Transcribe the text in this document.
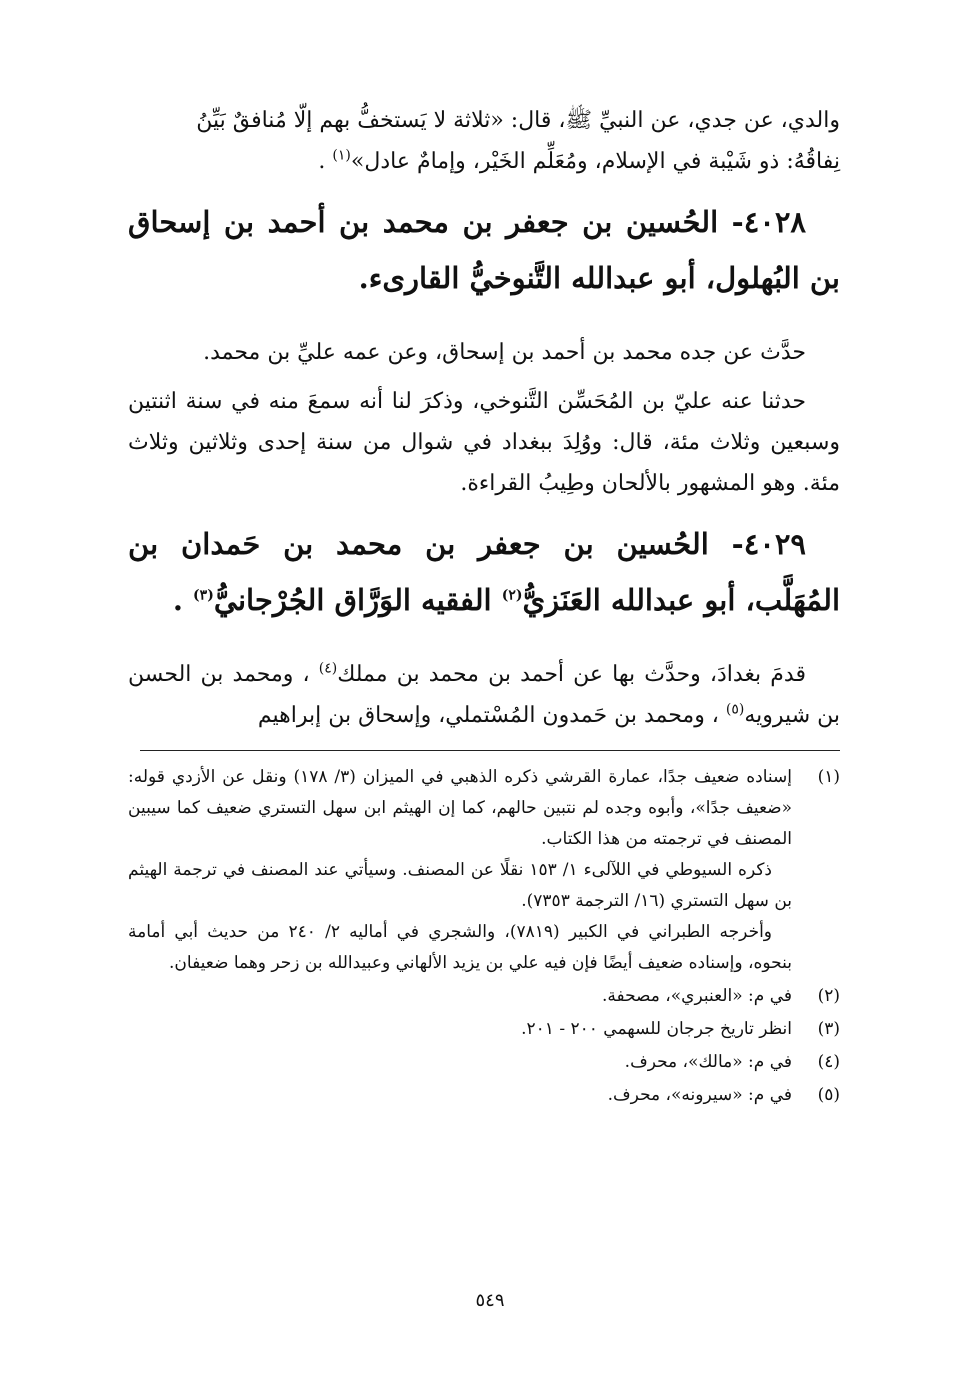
والدي، عن جدي، عن النبيِّ ﷺ، قال: «ثلاثة لا يَستخفُّ بهم إلّا مُنافقٌ بَيِّنُ
نِفاقُهُ: ذو شَيْبة في الإسلام، ومُعَلِّم الخَيْر، وإمامٌ عادل»$^{(١)}$ .

٤٠٢٨- الحُسين بن جعفر بن محمد بن أحمد بن إسحاق بن البُهلول، أبو عبدالله التَّنوخيُّ القارىء.

حدَّث عن جده محمد بن أحمد بن إسحاق، وعن عمه عليِّ بن محمد.

حدثنا عنه عليّ بن المُحَسِّن التَّنوخي، وذكرَ لنا أنه سمعَ منه في سنة اثنتين وسبعين وثلاث مئة، قال: ووُلِدَ ببغداد في شوال من سنة إحدى وثلاثين وثلاث مئة. وهو المشهور بالألحان وطِيبُ القراءة.

٤٠٢٩- الحُسين بن جعفر بن محمد بن حَمدان بن المُهَلَّب، أبو عبدالله العَنَزيُّ$^{(٢)}$ الفقيه الوَرَّاق الجُرْجانيُّ$^{(٣)}$ .

قدمَ بغدادَ، وحدَّث بها عن أحمد بن محمد بن مملك$^{(٤)}$ ، ومحمد بن الحسن بن شيرويه$^{(٥)}$ ، ومحمد بن حَمدون المُسْتملي، وإسحاق بن إبراهيم

(١)

إسناده ضعيف جدًا، عمارة القرشي ذكره الذهبي في الميزان (٣/ ١٧٨) ونقل عن الأزدي قوله: «ضعيف جدًا»، وأبوه وجده لم نتبين حالهم، كما إن الهيثم ابن سهل التستري ضعيف كما سيبين المصنف في ترجمته من هذا الكتاب.

ذكره السيوطي في اللآلىء ١/ ١٥٣ نقلًا عن المصنف. وسيأتي عند المصنف في ترجمة الهيثم بن سهل التستري (١٦/ الترجمة ٧٣٥٣).

وأخرجه الطبراني في الكبير (٧٨١٩)، والشجري في أماليه ٢/ ٢٤٠ من حديث أبي أمامة بنحوه، وإسناده ضعيف أيضًا فإن فيه علي بن يزيد الألهاني وعبيدالله بن زحر وهما ضعيفان.

(٢)

في م: «العنبري»، مصحفة.

(٣)

انظر تاريخ جرجان للسهمي ٢٠٠ - ٢٠١.

(٤)

في م: «مالك»، محرف.

(٥)

في م: «سيرونه»، محرف.

٥٤٩
